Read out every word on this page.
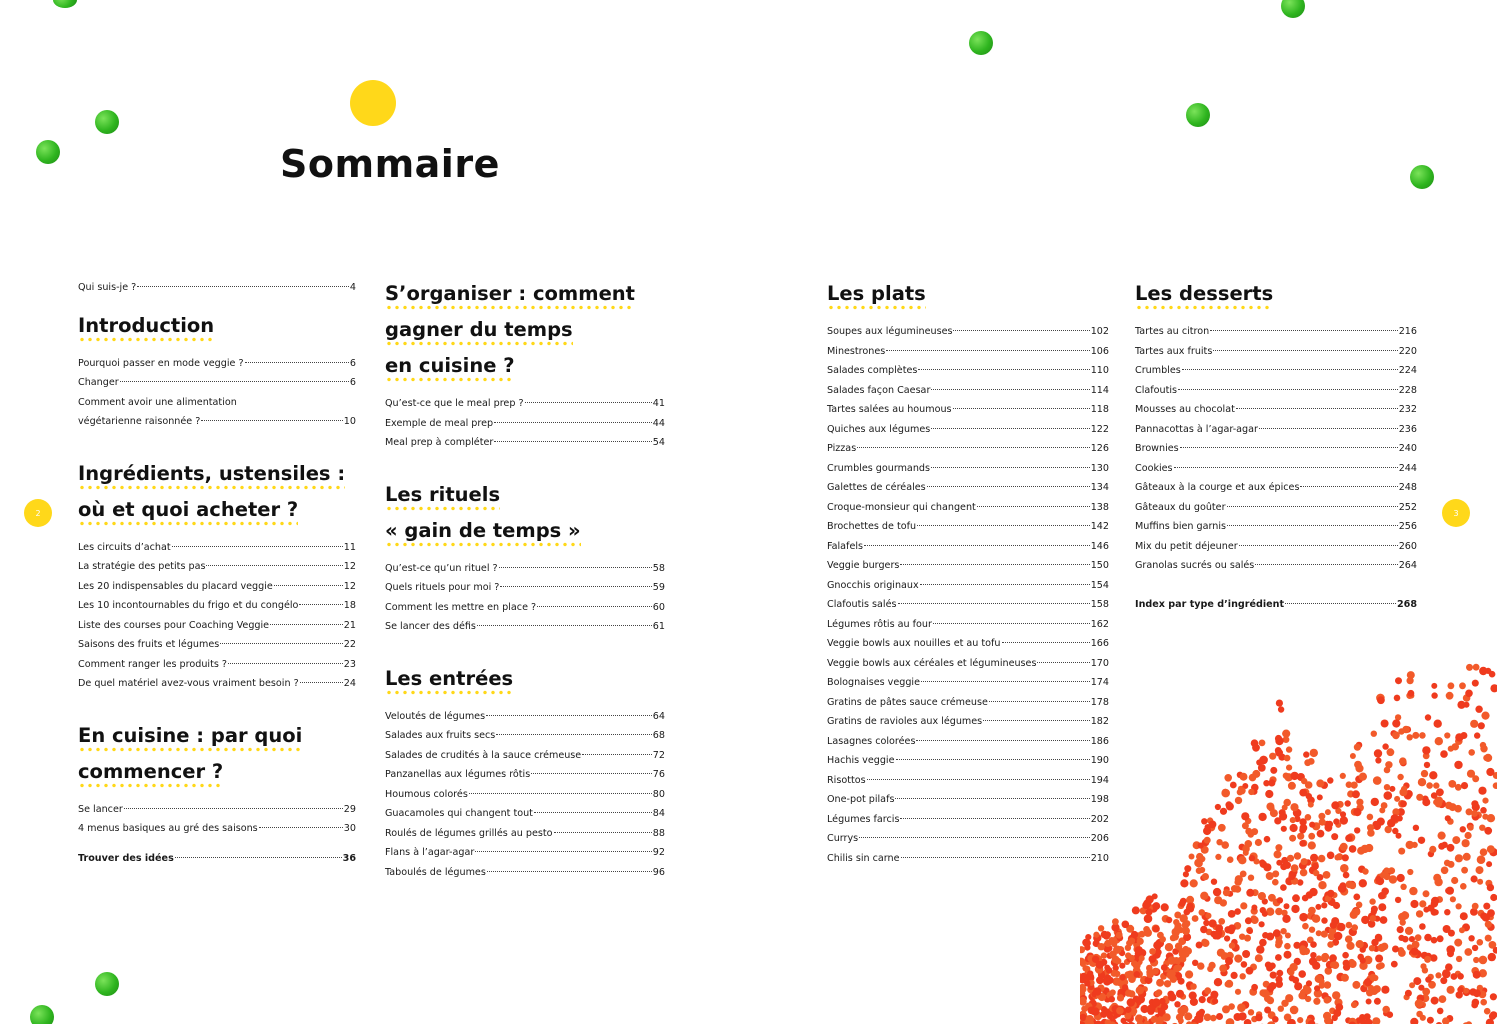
Sommaire
2	3
Qui suis-je ?	4
Introduction
Pourquoi passer en mode veggie ?	6
Changer	6
Comment avoir une alimentation
végétarienne raisonnée ?	10
Ingrédients, ustensiles :
où et quoi acheter ?
Les circuits d’achat	11
La stratégie des petits pas	12
Les 20 indispensables du placard veggie	12
Les 10 incontournables du frigo et du congélo	18
Liste des courses pour Coaching Veggie	21
Saisons des fruits et légumes	22
Comment ranger les produits ?	23
De quel matériel avez-vous vraiment besoin ?	24
En cuisine : par quoi
commencer ?
Se lancer	29
4 menus basiques au gré des saisons	30
Trouver des idées	36
S’organiser : comment
gagner du temps
en cuisine ?
Qu’est-ce que le meal prep ?	41
Exemple de meal prep	44
Meal prep à compléter	54
Les rituels
« gain de temps »
Qu’est-ce qu’un rituel ?	58
Quels rituels pour moi ?	59
Comment les mettre en place ?	60
Se lancer des défis	61
Les entrées
Veloutés de légumes	64
Salades aux fruits secs	68
Salades de crudités à la sauce crémeuse	72
Panzanellas aux légumes rôtis	76
Houmous colorés	80
Guacamoles qui changent tout	84
Roulés de légumes grillés au pesto	88
Flans à l’agar-agar	92
Taboulés de légumes	96
Les plats
Soupes aux légumineuses	102
Minestrones	106
Salades complètes	110
Salades façon Caesar	114
Tartes salées au houmous	118
Quiches aux légumes	122
Pizzas	126
Crumbles gourmands	130
Galettes de céréales	134
Croque-monsieur qui changent	138
Brochettes de tofu	142
Falafels	146
Veggie burgers	150
Gnocchis originaux	154
Clafoutis salés	158
Légumes rôtis au four	162
Veggie bowls aux nouilles et au tofu	166
Veggie bowls aux céréales et légumineuses	170
Bolognaises veggie	174
Gratins de pâtes sauce crémeuse	178
Gratins de ravioles aux légumes	182
Lasagnes colorées	186
Hachis veggie	190
Risottos	194
One-pot pilafs	198
Légumes farcis	202
Currys	206
Chilis sin carne	210
Les desserts
Tartes au citron	216
Tartes aux fruits	220
Crumbles	224
Clafoutis	228
Mousses au chocolat	232
Pannacottas à l’agar-agar	236
Brownies	240
Cookies	244
Gâteaux à la courge et aux épices	248
Gâteaux du goûter	252
Muffins bien garnis	256
Mix du petit déjeuner	260
Granolas sucrés ou salés	264
Index par type d’ingrédient	268
